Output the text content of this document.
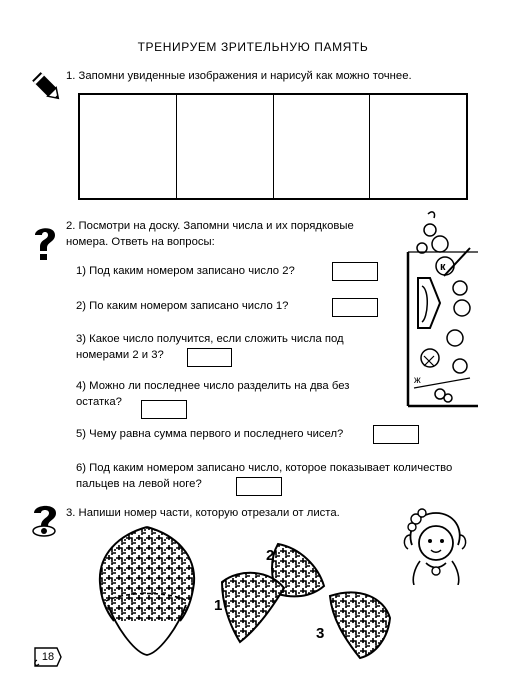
ТРЕНИРУЕМ ЗРИТЕЛЬНУЮ ПАМЯТЬ
1. Запомни увиденные изображения и нарисуй как можно точнее.
2. Посмотри на доску. Запомни числа и их порядковые
номера. Ответь на вопросы:
1) Под каким номером записано число 2?
2) По каким номером записано число 1?
3) Какое число получится, если сложить числа под
номерами 2 и 3?
4) Можно ли последнее число разделить на два без
остатка?
5) Чему равна сумма первого и последнего чисел?
6) Под каким номером записано число, которое показывает количество
пальцев на левой ноге?
к
ж
3. Напиши номер части, которую отрезали от листа.
2
1
3
18
